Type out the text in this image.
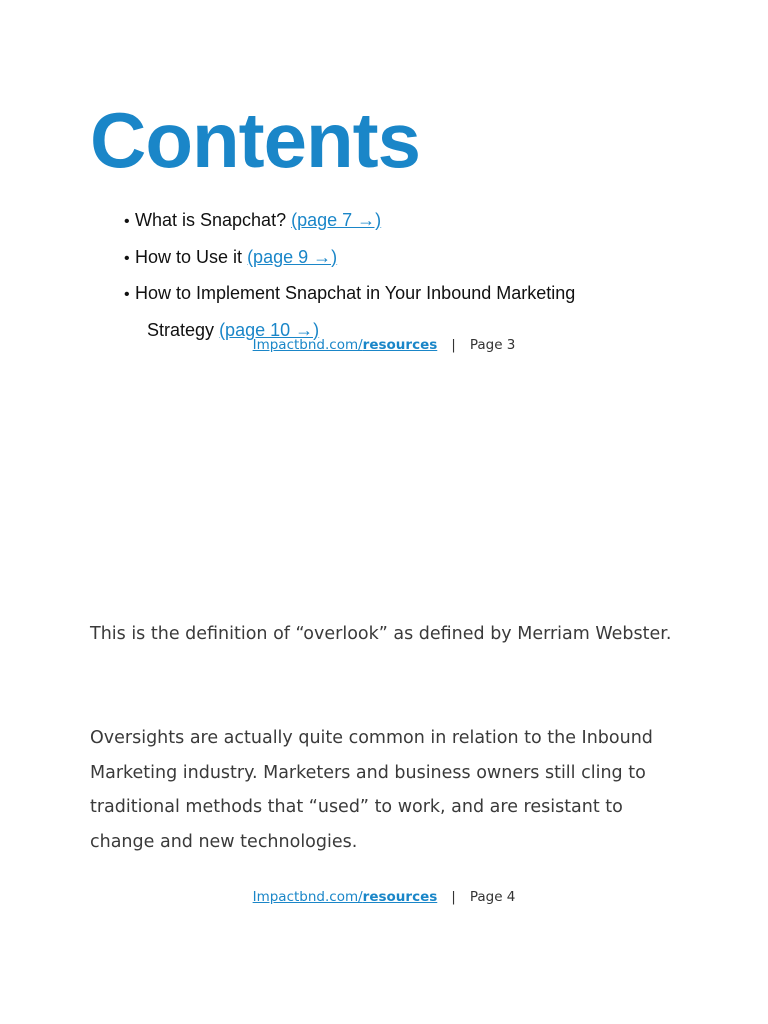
Contents
• What is Snapchat? (page 7 →)
• How to Use it (page 9 →)
• How to Implement Snapchat in Your Inbound Marketing
Strategy (page 10 →)
Impactbnd.com/resources | Page 3

This is the definition of “overlook” as defined by Merriam Webster.

Oversights are actually quite common in relation to the Inbound Marketing industry. Marketers and business owners still cling to traditional methods that “used” to work, and are resistant to change and new technologies.

Impactbnd.com/resources | Page 4
